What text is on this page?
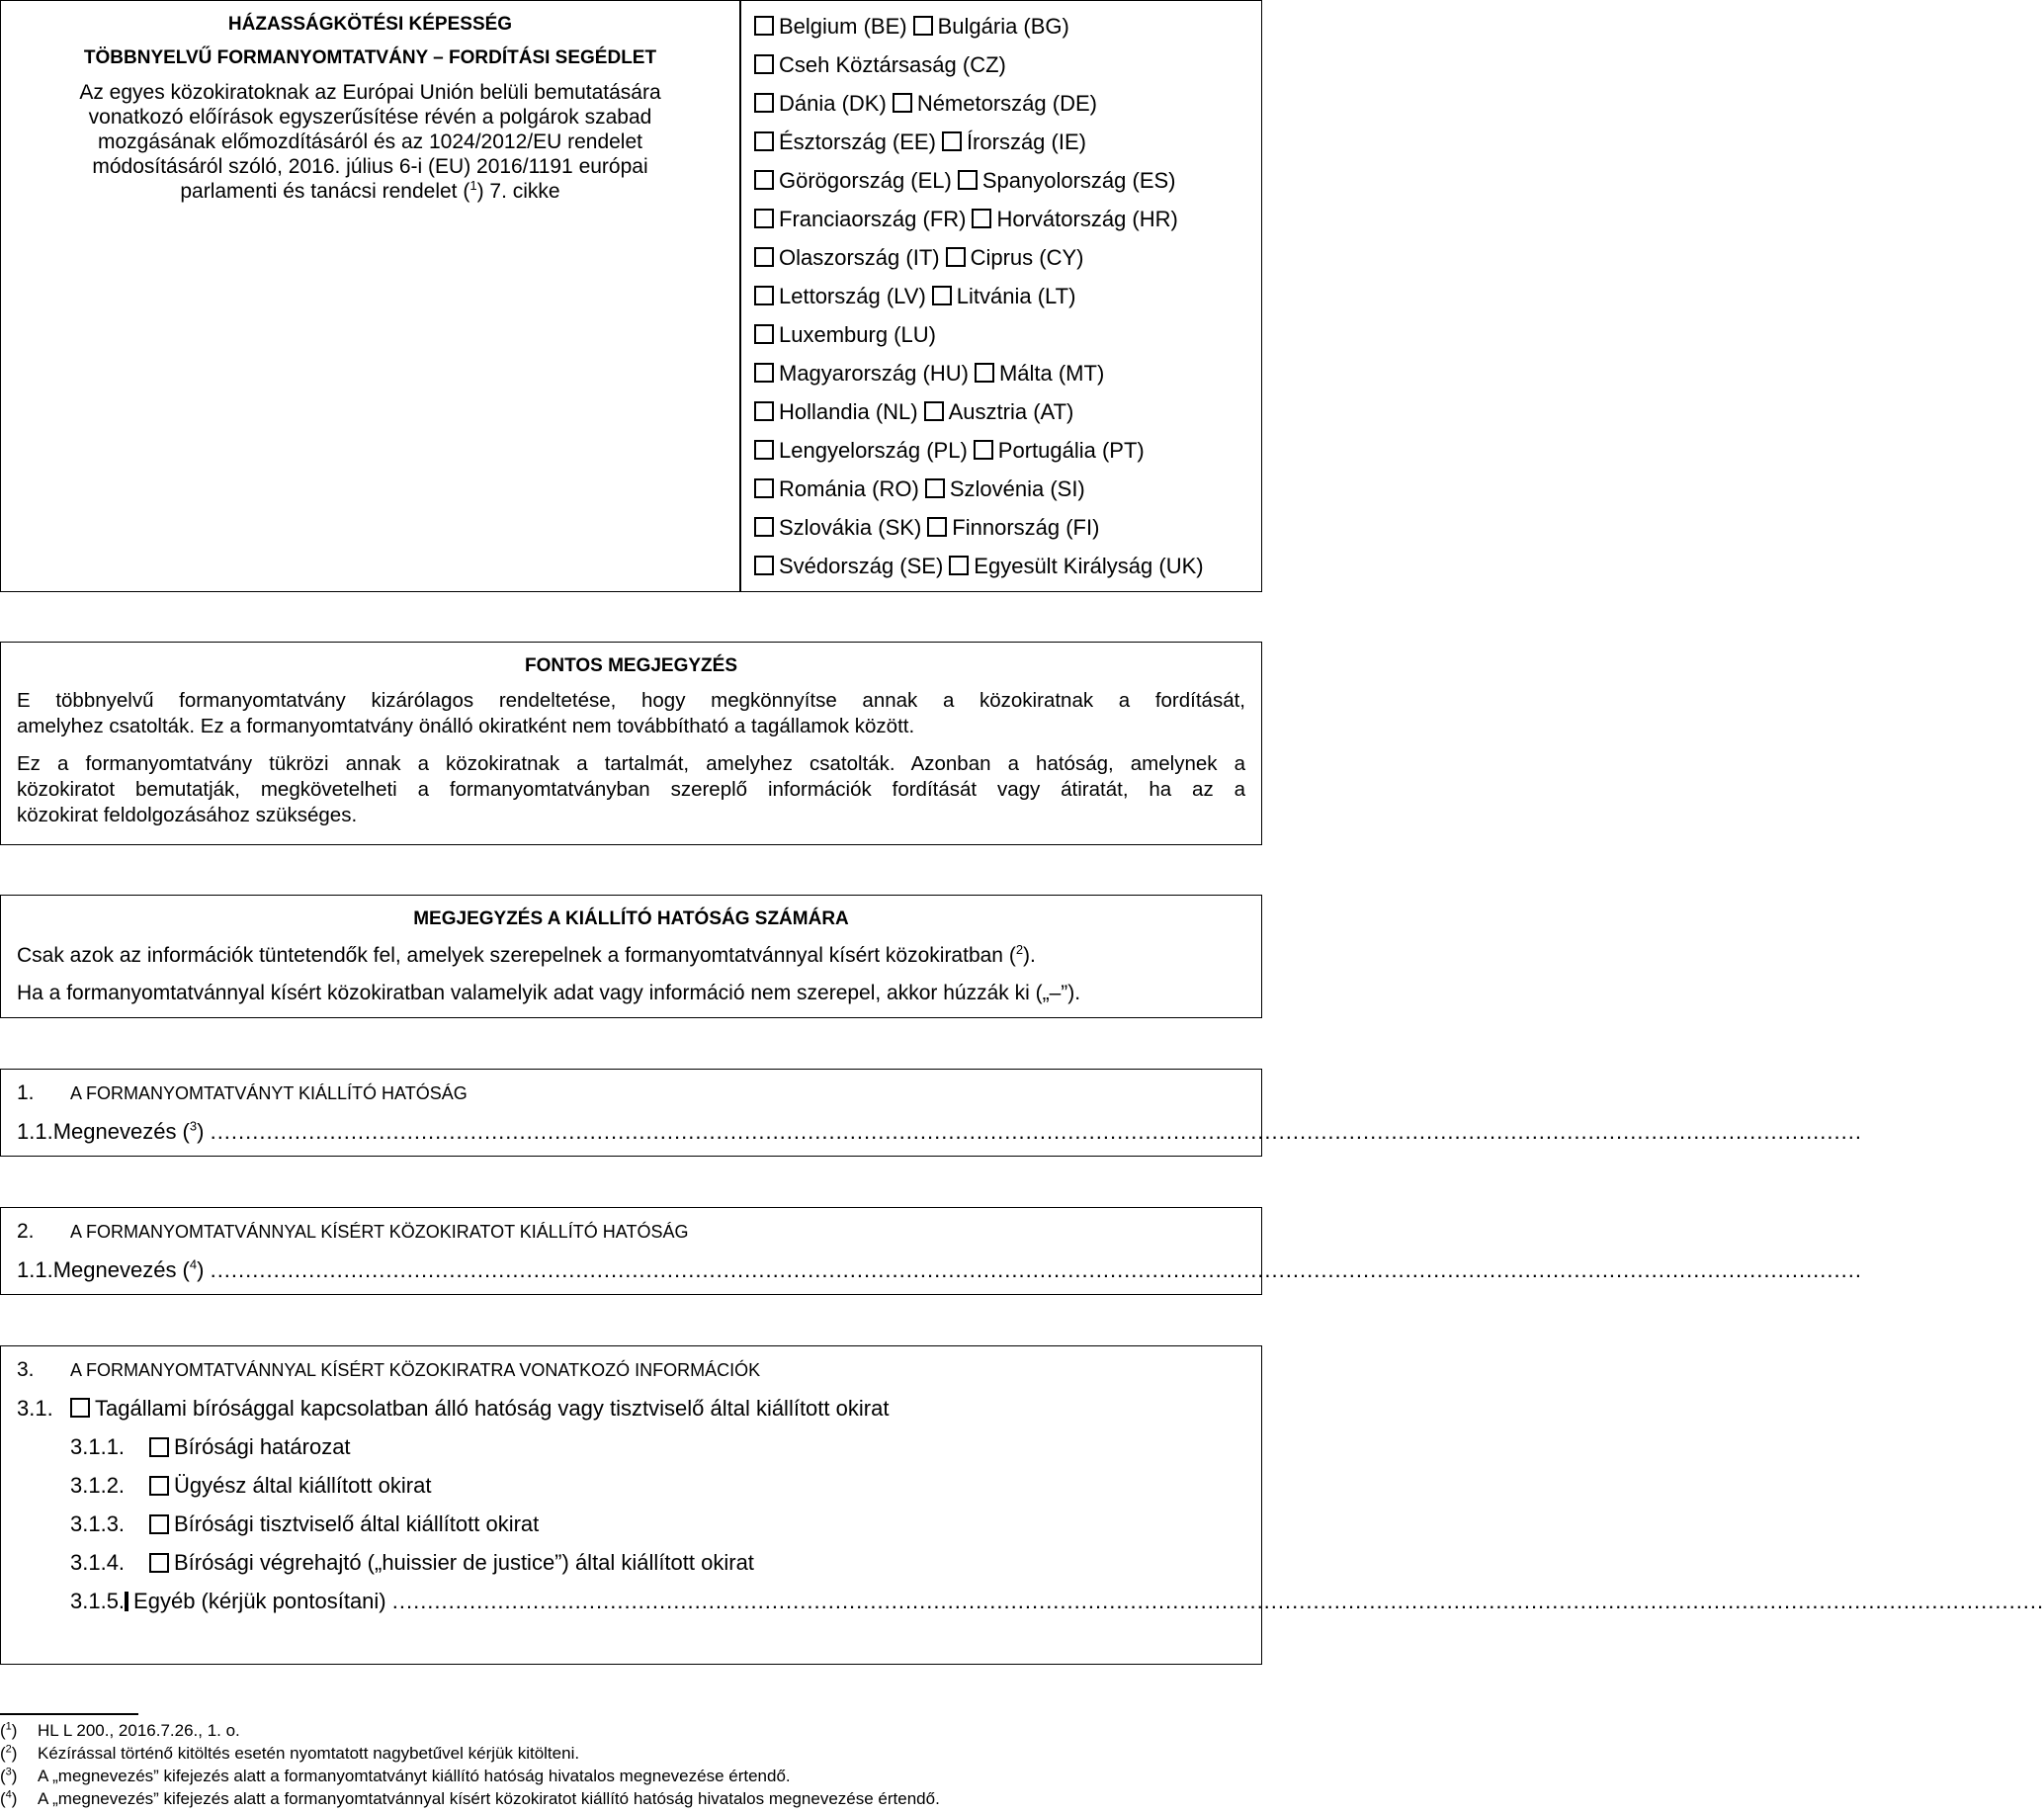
HÁZASSÁGKÖTÉSI KÉPESSÉG
TÖBBNYELVŰ FORMANYOMTATVÁNY – FORDÍTÁSI SEGÉDLET
Az egyes közokiratoknak az Európai Unión belüli bemutatására
vonatkozó előírások egyszerűsítése révén a polgárok szabad
mozgásának előmozdításáról és az 1024/2012/EU rendelet
módosításáról szóló, 2016. július 6-i (EU) 2016/1191 európai
parlamenti és tanácsi rendelet ($^1$) 7. cikke
Belgium (BE) Bulgária (BG)
Cseh Köztársaság (CZ)
Dánia (DK) Németország (DE)
Észtország (EE) Írország (IE)
Görögország (EL) Spanyolország (ES)
Franciaország (FR) Horvátország (HR)
Olaszország (IT) Ciprus (CY)
Lettország (LV) Litvánia (LT)
Luxemburg (LU)
Magyarország (HU) Málta (MT)
Hollandia (NL) Ausztria (AT)
Lengyelország (PL) Portugália (PT)
Románia (RO) Szlovénia (SI)
Szlovákia (SK) Finnország (FI)
Svédország (SE) Egyesült Királyság (UK)
FONTOS MEGJEGYZÉS
E többnyelvű formanyomtatvány kizárólagos rendeltetése, hogy megkönnyítse annak a közokiratnak a fordítását,
amelyhez csatolták. Ez a formanyomtatvány önálló okiratként nem továbbítható a tagállamok között.
Ez a formanyomtatvány tükrözi annak a közokiratnak a tartalmát, amelyhez csatolták. Azonban a hatóság, amelynek a
közokiratot bemutatják, megkövetelheti a formanyomtatványban szereplő információk fordítását vagy átiratát, ha az a
közokirat feldolgozásához szükséges.
MEGJEGYZÉS A KIÁLLÍTÓ HATÓSÁG SZÁMÁRA
Csak azok az információk tüntetendők fel, amelyek szerepelnek a formanyomtatvánnyal kísért közokiratban ($^2$).
Ha a formanyomtatvánnyal kísért közokiratban valamelyik adat vagy információ nem szerepel, akkor húzzák ki („–”).
1. A FORMANYOMTATVÁNYT KIÁLLÍTÓ HATÓSÁG
1.1. Megnevezés ($^3$) ...........................................................................................................................................................................................................................................
2. A FORMANYOMTATVÁNNYAL KÍSÉRT KÖZOKIRATOT KIÁLLÍTÓ HATÓSÁG
1.1. Megnevezés ($^4$) ...........................................................................................................................................................................................................................................
3. A FORMANYOMTATVÁNNYAL KÍSÉRT KÖZOKIRATRA VONATKOZÓ INFORMÁCIÓK
3.1. Tagállami bírósággal kapcsolatban álló hatóság vagy tisztviselő által kiállított okirat
3.1.1.	Bírósági határozat
3.1.2.	Ügyész által kiállított okirat
3.1.3.	Bírósági tisztviselő által kiállított okirat
3.1.4.	Bírósági végrehajtó („huissier de justice”) által kiállított okirat
3.1.5. Egyéb (kérjük pontosítani) ...........................................................................................................................................................................................................................................
($^1$) HL L 200., 2016.7.26., 1. o.
($^2$) Kézírással történő kitöltés esetén nyomtatott nagybetűvel kérjük kitölteni.
($^3$) A „megnevezés” kifejezés alatt a formanyomtatványt kiállító hatóság hivatalos megnevezése értendő.
($^4$) A „megnevezés” kifejezés alatt a formanyomtatvánnyal kísért közokiratot kiállító hatóság hivatalos megnevezése értendő.
